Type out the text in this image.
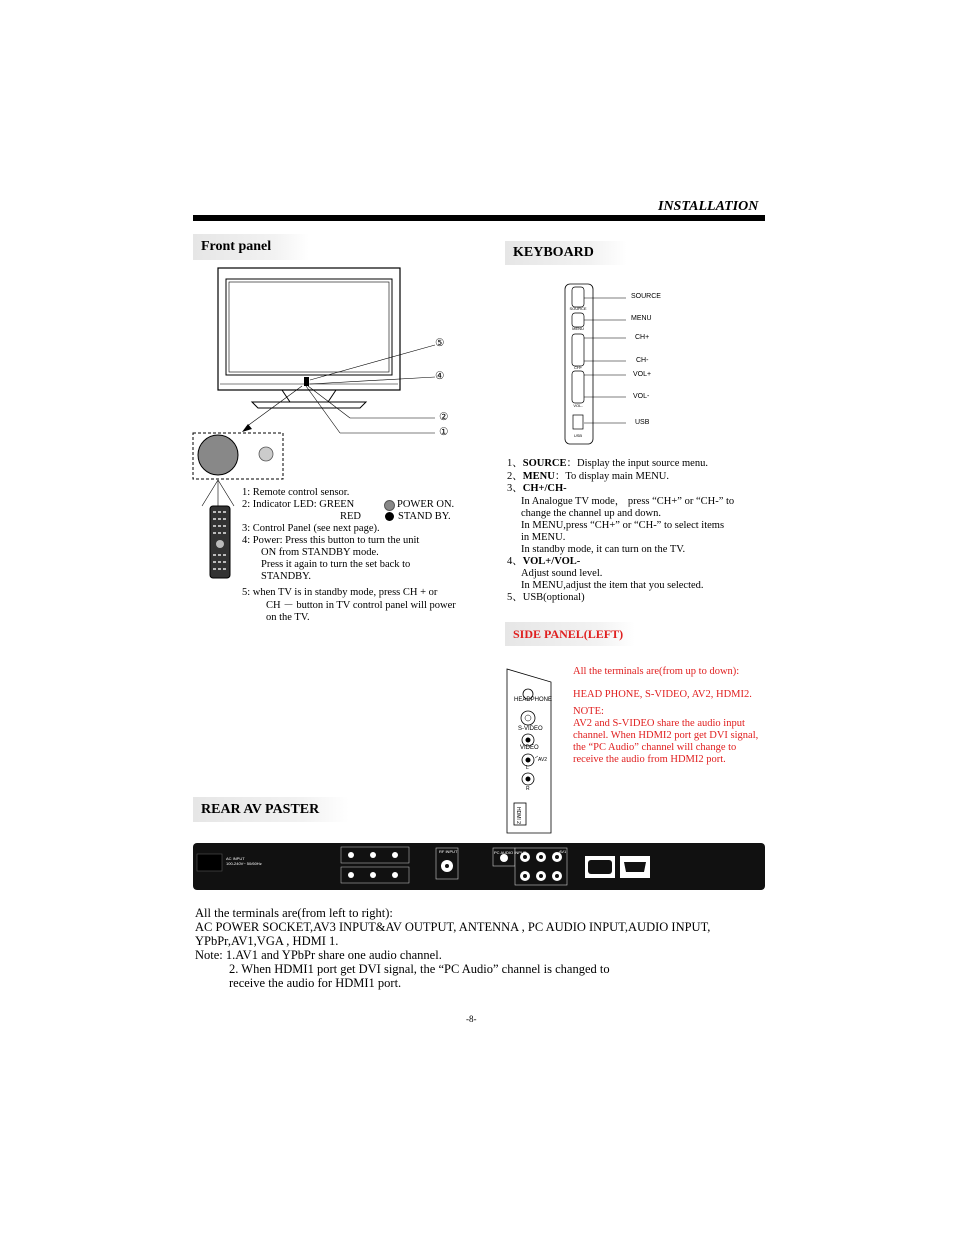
INSTALLATION
Front panel
⑤
④
②
①
1: Remote control sensor.
2: Indicator LED: GREEN	POWER ON.
RED	STAND BY.
3: Control Panel (see next page).
4: Power: Press this button to turn the unit
ON from STANDBY mode.
Press it again to turn the set back to
STANDBY.
5: when TV is in standby mode, press CH + or
CH － button in TV control panel will power
on the TV.
KEYBOARD
SOURCE
MENU
CH+
VOL-
USB
SOURCE
MENU
CH+
CH-
VOL+
VOL-
USB
1、SOURCE：Display the input source menu.
2、MENU：To display main MENU.
3、CH+/CH-
In Analogue TV mode， press “CH+” or “CH-” to
change the channel up and down.
In MENU,press “CH+” or “CH-” to select items
in MENU.
In standby mode, it can turn on the TV.
4、VOL+/VOL-
Adjust sound level.
In MENU,adjust the item that you selected.
5、USB(optional)
SIDE PANEL(LEFT)
HEADPHONE
S-VIDEO
VIDEO
AV2
L
R
HDMI 2
All the terminals are(from up to down):
HEAD PHONE, S-VIDEO, AV2, HDMI2.
NOTE:
AV2 and S-VIDEO share the audio input
channel. When HDMI2 port get DVI signal,
the “PC Audio” channel will change to
receive the audio from HDMI2 port.
REAR AV PASTER
AC INPUT
100-240V~ 50/60Hz
RF INPUT	PC AUDIO INPUT	AV1
VGA INPUT	HDMI1 INPUT
All the terminals are(from left to right):
AC POWER SOCKET,AV3 INPUT&AV OUTPUT, ANTENNA , PC AUDIO INPUT,AUDIO INPUT,
YPbPr,AV1,VGA , HDMI 1.
Note: 1.AV1 and YPbPr share one audio channel.
2. When HDMI1 port get DVI signal, the “PC Audio” channel is changed to
receive the audio for HDMI1 port.
-8-
